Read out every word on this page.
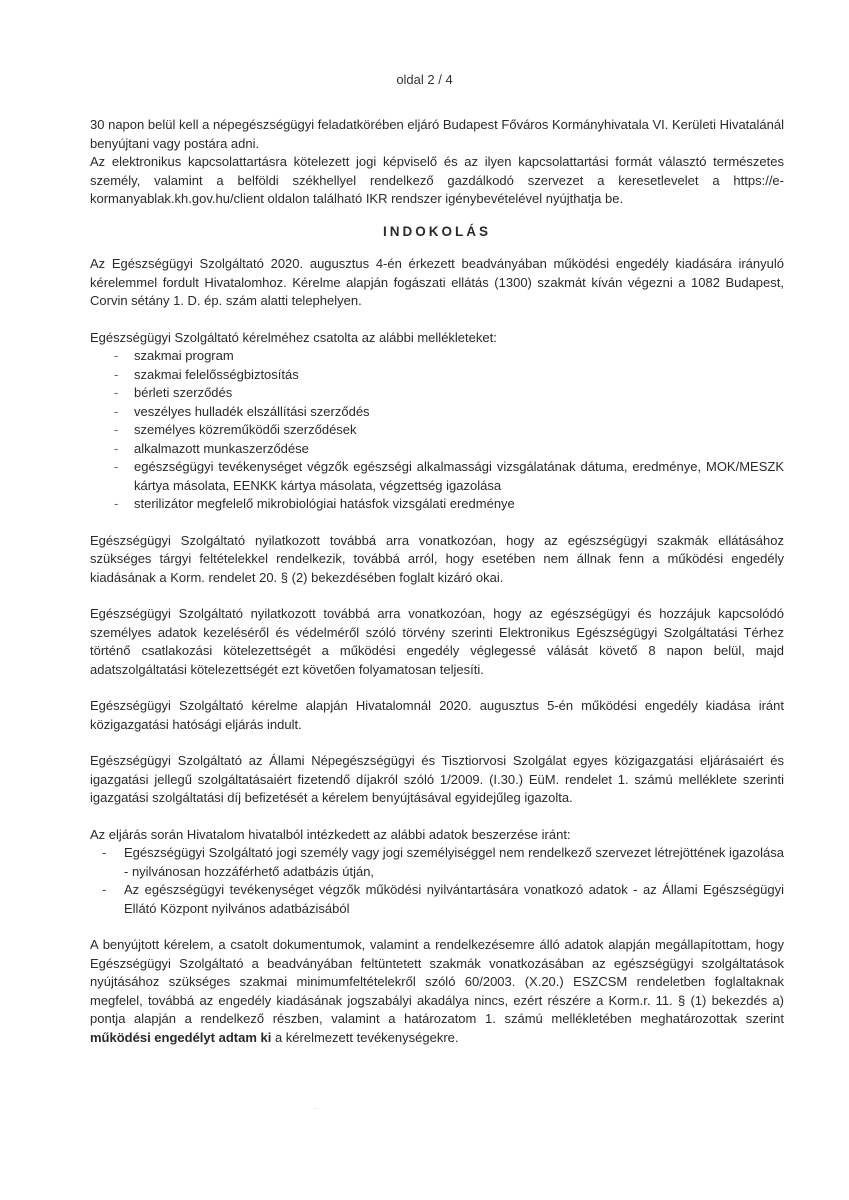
oldal 2 / 4

30 napon belül kell a népegészségügyi feladatkörében eljáró Budapest Főváros Kormányhivatala VI. Kerületi Hivatalánál benyújtani vagy postára adni.

Az elektronikus kapcsolattartásra kötelezett jogi képviselő és az ilyen kapcsolattartási formát választó természetes személy, valamint a belföldi székhellyel rendelkező gazdálkodó szervezet a keresetlevelet a https://e-kormanyablak.kh.gov.hu/client oldalon található IKR rendszer igénybevételével nyújthatja be.

INDOKOLÁS

Az Egészségügyi Szolgáltató 2020. augusztus 4-én érkezett beadványában működési engedély kiadására irányuló kérelemmel fordult Hivatalomhoz. Kérelme alapján fogászati ellátás (1300) szakmát kíván végezni a 1082 Budapest, Corvin sétány 1. D. ép. szám alatti telephelyen.

Egészségügyi Szolgáltató kérelméhez csatolta az alábbi mellékleteket:

- szakmai program
- szakmai felelősségbiztosítás
- bérleti szerződés
- veszélyes hulladék elszállítási szerződés
- személyes közreműködői szerződések
- alkalmazott munkaszerződése
- egészségügyi tevékenységet végzők egészségi alkalmassági vizsgálatának dátuma, eredménye, MOK/MESZK kártya másolata, EENKK kártya másolata, végzettség igazolása
- sterilizátor megfelelő mikrobiológiai hatásfok vizsgálati eredménye

Egészségügyi Szolgáltató nyilatkozott továbbá arra vonatkozóan, hogy az egészségügyi szakmák ellátásához szükséges tárgyi feltételekkel rendelkezik, továbbá arról, hogy esetében nem állnak fenn a működési engedély kiadásának a Korm. rendelet 20. § (2) bekezdésében foglalt kizáró okai.

Egészségügyi Szolgáltató nyilatkozott továbbá arra vonatkozóan, hogy az egészségügyi és hozzájuk kapcsolódó személyes adatok kezeléséről és védelméről szóló törvény szerinti Elektronikus Egészségügyi Szolgáltatási Térhez történő csatlakozási kötelezettségét a működési engedély véglegessé válását követő 8 napon belül, majd adatszolgáltatási kötelezettségét ezt követően folyamatosan teljesíti.

Egészségügyi Szolgáltató kérelme alapján Hivatalomnál 2020. augusztus 5-én működési engedély kiadása iránt közigazgatási hatósági eljárás indult.

Egészségügyi Szolgáltató az Állami Népegészségügyi és Tisztiorvosi Szolgálat egyes közigazgatási eljárásaiért és igazgatási jellegű szolgáltatásaiért fizetendő díjakról szóló 1/2009. (I.30.) EüM. rendelet 1. számú melléklete szerinti igazgatási szolgáltatási díj befizetését a kérelem benyújtásával egyidejűleg igazolta.

Az eljárás során Hivatalom hivatalból intézkedett az alábbi adatok beszerzése iránt:

- Egészségügyi Szolgáltató jogi személy vagy jogi személyiséggel nem rendelkező szervezet létrejöttének igazolása - nyilvánosan hozzáférhető adatbázis útján,
- Az egészségügyi tevékenységet végzők működési nyilvántartására vonatkozó adatok - az Állami Egészségügyi Ellátó Központ nyilvános adatbázisából

A benyújtott kérelem, a csatolt dokumentumok, valamint a rendelkezésemre álló adatok alapján megállapítottam, hogy Egészségügyi Szolgáltató a beadványában feltüntetett szakmák vonatkozásában az egészségügyi szolgáltatások nyújtásához szükséges szakmai minimumfeltételekről szóló 60/2003. (X.20.) ESZCSM rendeletben foglaltaknak megfelel, továbbá az engedély kiadásának jogszabályi akadálya nincs, ezért részére a Korm.r. 11. § (1) bekezdés a) pontja alapján a rendelkező részben, valamint a határozatom 1. számú mellékletében meghatározottak szerint működési engedélyt adtam ki a kérelmezett tevékenységekre.

·
